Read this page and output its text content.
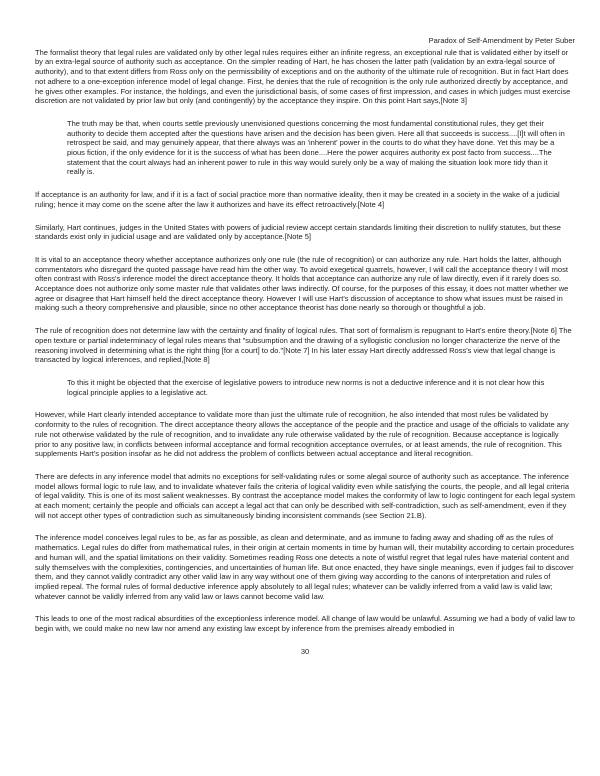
Paradox of Self-Amendment by Peter Suber

The formalist theory that legal rules are validated only by other legal rules requires either an infinite regress, an exceptional rule that is validated either by itself or by an extra-legal source of authority such as acceptance. On the simpler reading of Hart, he has chosen the latter path (validation by an extra-legal source of authority), and to that extent differs from Ross only on the permissibility of exceptions and on the authority of the ultimate rule of recognition. But in fact Hart does not adhere to a one-exception inference model of legal change. First, he denies that the rule of recognition is the only rule authorized directly by acceptance, and he gives other examples. For instance, the holdings, and even the jurisdictional basis, of some cases of first impression, and cases in which judges must exercise discretion are not validated by prior law but only (and contingently) by the acceptance they inspire. On this point Hart says,[Note 3]

The truth may be that, when courts settle previously unenvisioned questions concerning the most fundamental constitutional rules, they get their authority to decide them accepted after the questions have arisen and the decision has been given. Here all that succeeds is success....[I]t will often in retrospect be said, and may genuinely appear, that there always was an 'inherent' power in the courts to do what they have done. Yet this may be a pious fiction, if the only evidence for it is the success of what has been done....Here the power acquires authority ex post facto from success....The statement that the court always had an inherent power to rule in this way would surely only be a way of making the situation look more tidy than it really is.

If acceptance is an authority for law, and if it is a fact of social practice more than normative ideality, then it may be created in a society in the wake of a judicial ruling; hence it may come on the scene after the law it authorizes and have its effect retroactively.[Note 4]

Similarly, Hart continues, judges in the United States with powers of judicial review accept certain standards limiting their discretion to nullify statutes, but these standards exist only in judicial usage and are validated only by acceptance.[Note 5]

It is vital to an acceptance theory whether acceptance authorizes only one rule (the rule of recognition) or can authorize any rule. Hart holds the latter, although commentators who disregard the quoted passage have read him the other way. To avoid exegetical quarrels, however, I will call the acceptance theory I will most often contrast with Ross's inference model the direct acceptance theory. It holds that acceptance can authorize any rule of law directly, even if it rarely does so. Acceptance does not authorize only some master rule that validates other laws indirectly. Of course, for the purposes of this essay, it does not matter whether we agree or disagree that Hart himself held the direct acceptance theory. However I will use Hart's discussion of acceptance to show what issues must be raised in making such a theory comprehensive and plausible, since no other acceptance theorist has done nearly so thorough or thoughtful a job.

The rule of recognition does not determine law with the certainty and finality of logical rules. That sort of formalism is repugnant to Hart's entire theory.[Note 6] The open texture or partial indeterminacy of legal rules means that "subsumption and the drawing of a syllogistic conclusion no longer characterize the nerve of the reasoning involved in determining what is the right thing [for a court] to do."[Note 7] In his later essay Hart directly addressed Ross's view that legal change is transacted by logical inferences, and replied,[Note 8]

To this it might be objected that the exercise of legislative powers to introduce new norms is not a deductive inference and it is not clear how this logical principle applies to a legislative act.

However, while Hart clearly intended acceptance to validate more than just the ultimate rule of recognition, he also intended that most rules be validated by conformity to the rules of recognition. The direct acceptance theory allows the acceptance of the people and the practice and usage of the officials to validate any rule not otherwise validated by the rule of recognition, and to invalidate any rule otherwise validated by the rule of recognition. Because acceptance is logically prior to any positive law, in conflicts between informal acceptance and formal recognition acceptance overrules, or at least amends, the rule of recognition. This supplements Hart's position insofar as he did not address the problem of conflicts between actual acceptance and literal recognition.

There are defects in any inference model that admits no exceptions for self-validating rules or some alegal source of authority such as acceptance. The inference model allows formal logic to rule law, and to invalidate whatever fails the criteria of logical validity even while satisfying the courts, the people, and all legal criteria of legal validity. This is one of its most salient weaknesses. By contrast the acceptance model makes the conformity of law to logic contingent for each legal system at each moment; certainly the people and officials can accept a legal act that can only be described with self-contradiction, such as self-amendment, even if they will not accept other types of contradiction such as simultaneously binding inconsistent commands (see Section 21.B).

The inference model conceives legal rules to be, as far as possible, as clean and determinate, and as immune to fading away and shading off as the rules of mathematics. Legal rules do differ from mathematical rules, in their origin at certain moments in time by human will, their mutability according to certain procedures and human will, and the spatial limitations on their validity. Sometimes reading Ross one detects a note of wistful regret that legal rules have material content and sully themselves with the complexities, contingencies, and uncertainties of human life. But once enacted, they have single meanings, even if judges fail to discover them, and they cannot validly contradict any other valid law in any way without one of them giving way according to the canons of interpretation and rules of implied repeal. The formal rules of formal deductive inference apply absolutely to all legal rules; whatever can be validly inferred from a valid law is valid law; whatever cannot be validly inferred from any valid law or laws cannot become valid law.

This leads to one of the most radical absurdities of the exceptionless inference model. All change of law would be unlawful. Assuming we had a body of valid law to begin with, we could make no new law nor amend any existing law except by inference from the premises already embodied in

30
